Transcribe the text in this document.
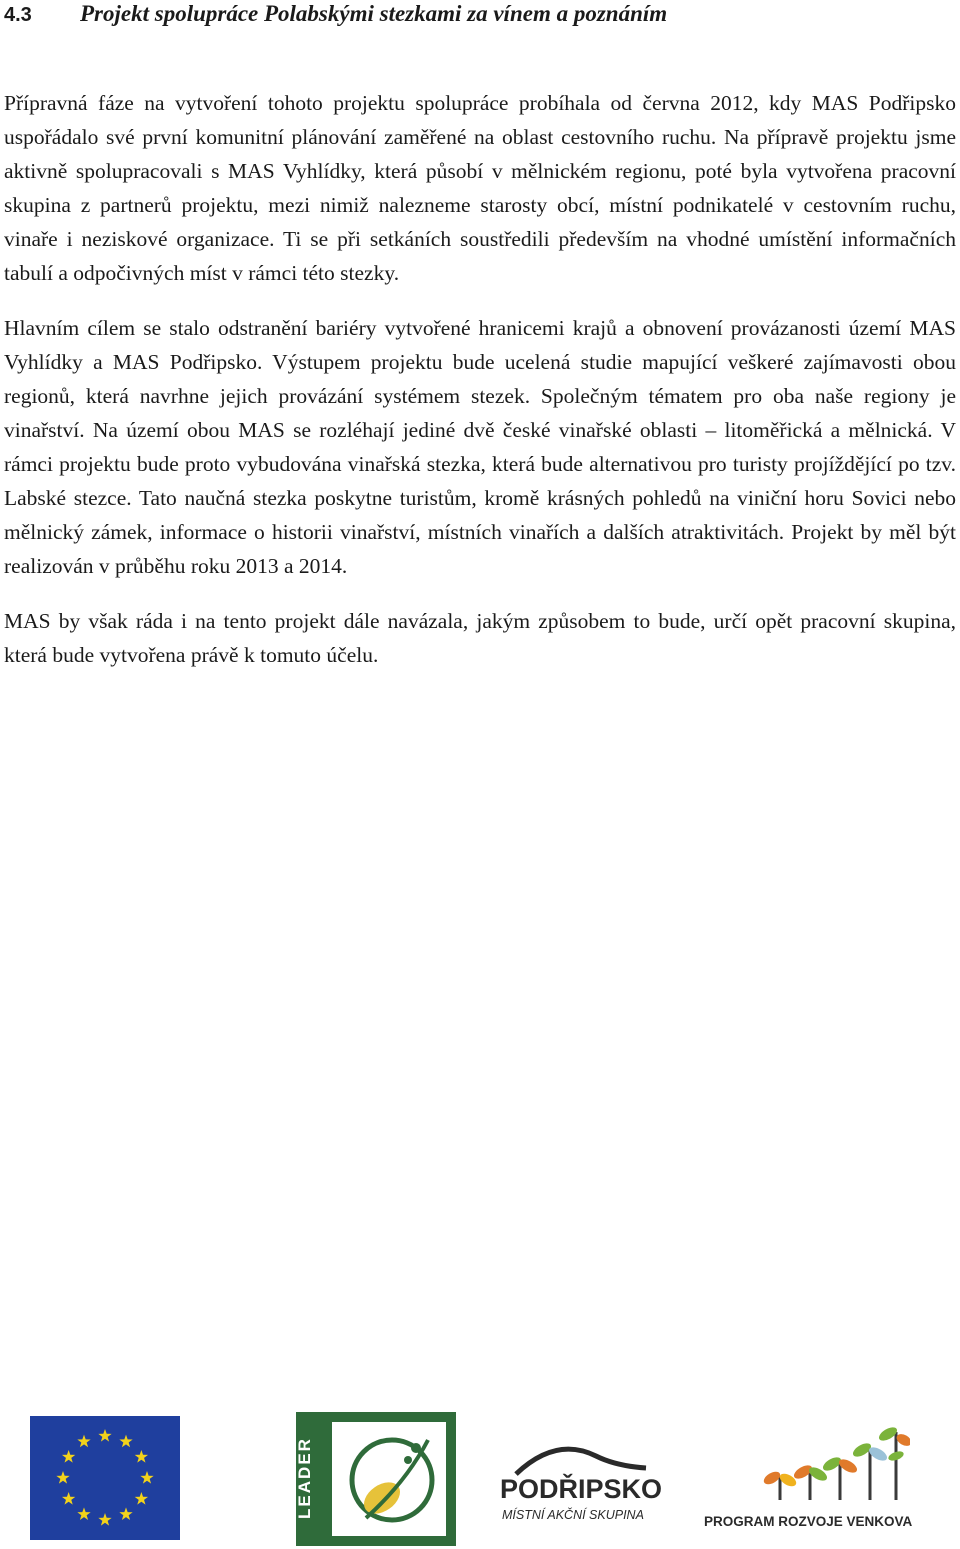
4.3 Projekt spolupráce Polabskými stezkami za vínem a poznáním

Přípravná fáze na vytvoření tohoto projektu spolupráce probíhala od června 2012, kdy MAS Podřipsko uspořádalo své první komunitní plánování zaměřené na oblast cestovního ruchu. Na přípravě projektu jsme aktivně spolupracovali s MAS Vyhlídky, která působí v mělnickém regionu, poté byla vytvořena pracovní skupina z partnerů projektu, mezi nimiž nalezneme starosty obcí, místní podnikatelé v cestovním ruchu, vinaře i neziskové organizace. Ti se při setkáních soustředili především na vhodné umístění informačních tabulí a odpočivných míst v rámci této stezky.

Hlavním cílem se stalo odstranění bariéry vytvořené hranicemi krajů a obnovení provázanosti území MAS Vyhlídky a MAS Podřipsko. Výstupem projektu bude ucelená studie mapující veškeré zajímavosti obou regionů, která navrhne jejich provázání systémem stezek. Společným tématem pro oba naše regiony je vinařství. Na území obou MAS se rozléhají jediné dvě české vinařské oblasti – litoměřická a mělnická. V rámci projektu bude proto vybudována vinařská stezka, která bude alternativou pro turisty projíždějící po tzv. Labské stezce. Tato naučná stezka poskytne turistům, kromě krásných pohledů na viniční horu Sovici nebo mělnický zámek, informace o historii vinařství, místních vinařích a dalších atraktivitách. Projekt by měl být realizován v průběhu roku 2013 a 2014.

MAS by však ráda i na tento projekt dále navázala, jakým způsobem to bude, určí opět pracovní skupina, která bude vytvořena právě k tomuto účelu.

LEADER	PODŘIPSKO
MÍSTNÍ AKČNÍ SKUPINA	PROGRAM ROZVOJE VENKOVA
